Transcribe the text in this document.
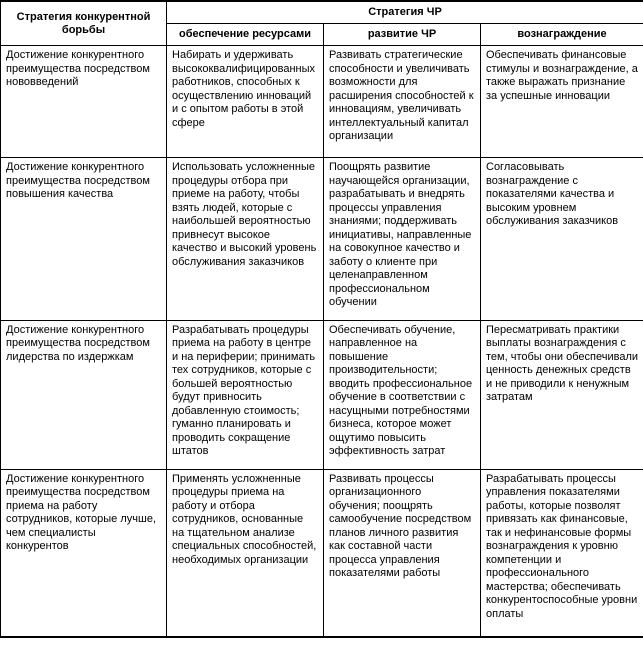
Стратегия конкурентной борьбы	Стратегия ЧР		
	обеспечение ресурсами	развитие ЧР	вознаграждение
Достижение конкурентного преимущества посредством нововведений	Набирать и удерживать высококвалифицированных работников, способных к осуществлению инноваций и с опытом работы в этой сфере	Развивать стратегические способности и увеличивать возможности для расширения способностей к инновациям, увеличивать интеллектуальный капитал организации	Обеспечивать финансовые стимулы и вознаграждение, а также выражать признание за успешные инновации
Достижение конкурентного преимущества посредством повышения качества	Использовать усложненные процедуры отбора при приеме на работу, чтобы взять людей, которые с наибольшей вероятностью привнесут высокое качество и высокий уровень обслуживания заказчиков	Поощрять развитие научающейся организации, разрабатывать и внедрять процессы управления знаниями; поддерживать инициативы, направленные на совокупное качество и заботу о клиенте при целенаправленном профессиональном обучении	Согласовывать вознаграждение с показателями качества и высоким уровнем обслуживания заказчиков
Достижение конкурентного преимущества посредством лидерства по издержкам	Разрабатывать процедуры приема на работу в центре и на периферии; принимать тех сотрудников, которые с большей вероятностью будут привносить добавленную стоимость; гуманно планировать и проводить сокращение штатов	Обеспечивать обучение, направленное на повышение производительности; вводить профессиональное обучение в соответствии с насущными потребностями бизнеса, которое может ощутимо повысить эффективность затрат	Пересматривать практики выплаты вознаграждения с тем, чтобы они обеспечивали ценность денежных средств и не приводили к ненужным затратам
Достижение конкурентного преимущества посредством приема на работу сотрудников, которые лучше, чем специалисты конкурентов	Применять усложненные процедуры приема на работу и отбора сотрудников, основанные на тщательном анализе специальных способностей, необходимых организации	Развивать процессы организационного обучения; поощрять самообучение посредством планов личного развития как составной части процесса управления показателями работы	Разрабатывать процессы управления показателями работы, которые позволят привязать как финансовые, так и нефинансовые формы вознаграждения к уровню компетенции и профессионального мастерства; обеспечивать конкурентоспособные уровни оплаты
